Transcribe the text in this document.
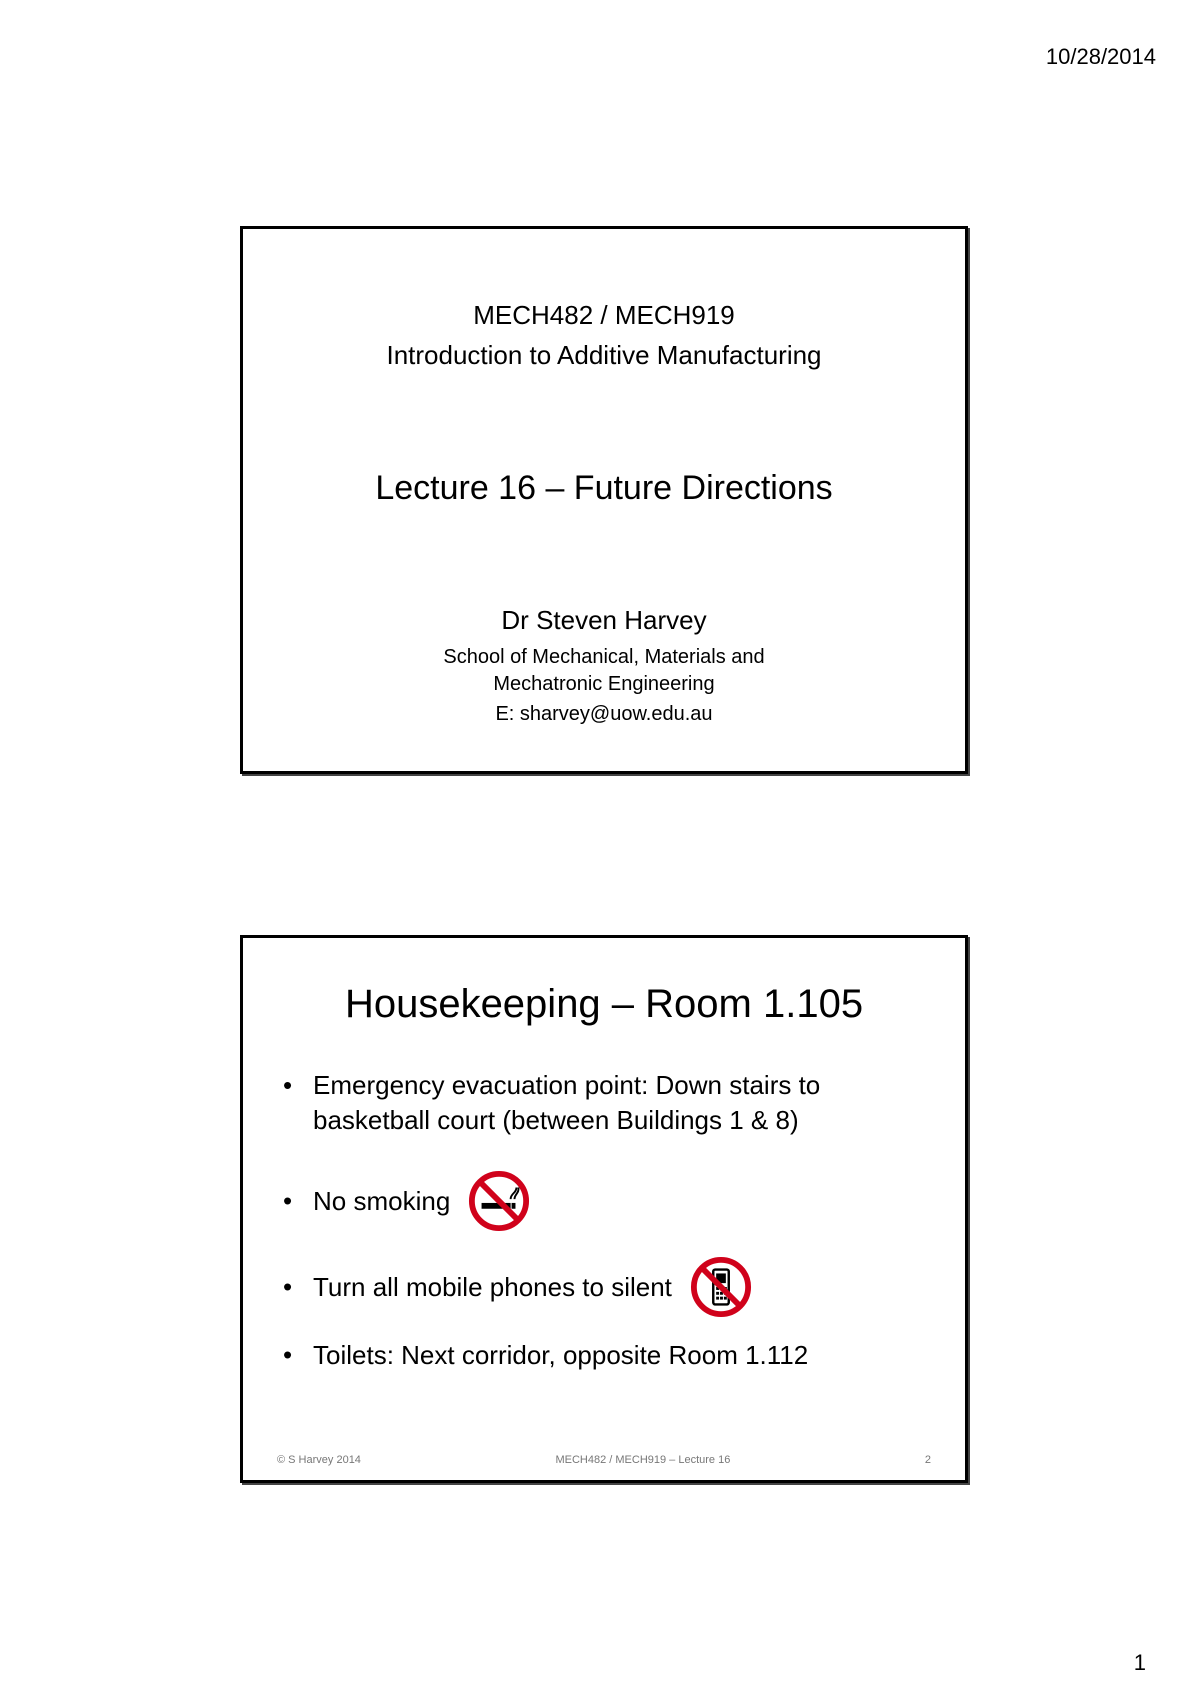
10/28/2014
MECH482 / MECH919
Introduction to Additive Manufacturing
Lecture 16 – Future Directions
Dr Steven Harvey
School of Mechanical, Materials and
Mechatronic Engineering
E: sharvey@uow.edu.au
Housekeeping – Room 1.105
• Emergency evacuation point: Down stairs to basketball court (between Buildings 1 & 8)
• No smoking
• Turn all mobile phones to silent
• Toilets: Next corridor, opposite Room 1.112
© S Harvey 2014	MECH482 / MECH919 – Lecture 16	2
1
